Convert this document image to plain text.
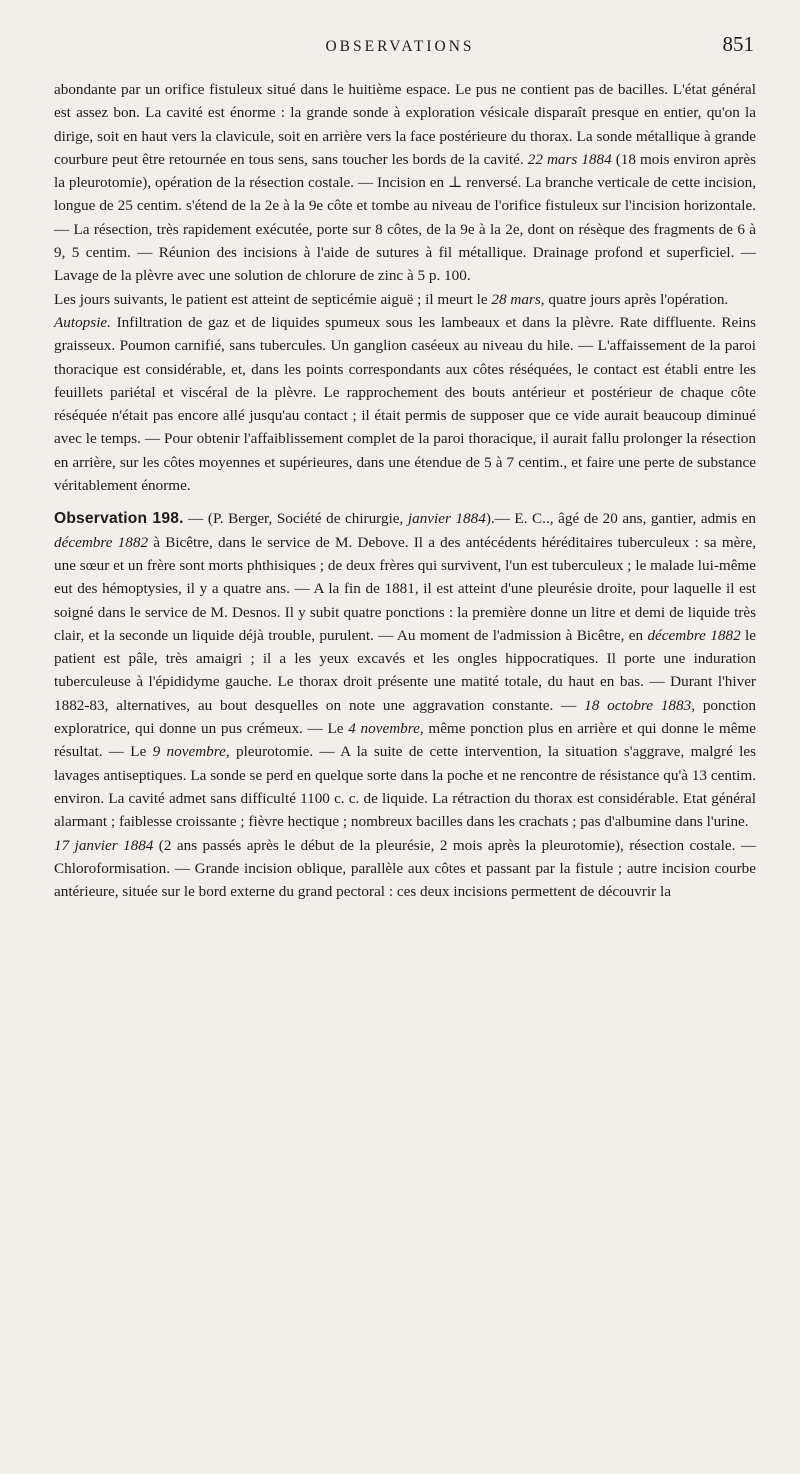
OBSERVATIONS	851

abondante par un orifice fistuleux situé dans le huitième espace. Le pus ne contient pas de bacilles. L'état général est assez bon. La cavité est énorme : la grande sonde à exploration vésicale disparaît presque en entier, qu'on la dirige, soit en haut vers la clavicule, soit en arrière vers la face postérieure du thorax. La sonde métallique à grande courbure peut être retournée en tous sens, sans toucher les bords de la cavité. 22 mars 1884 (18 mois environ après la pleurotomie), opération de la résection costale. — Incision en ⊥ renversé. La branche verticale de cette incision, longue de 25 centim. s'étend de la 2e à la 9e côte et tombe au niveau de l'orifice fistuleux sur l'incision horizontale. — La résection, très rapidement exécutée, porte sur 8 côtes, de la 9e à la 2e, dont on résèque des fragments de 6 à 9, 5 centim. — Réunion des incisions à l'aide de sutures à fil métallique. Drainage profond et superficiel. — Lavage de la plèvre avec une solution de chlorure de zinc à 5 p. 100.

Les jours suivants, le patient est atteint de septicémie aiguë ; il meurt le 28 mars, quatre jours après l'opération.

Autopsie. Infiltration de gaz et de liquides spumeux sous les lambeaux et dans la plèvre. Rate diffluente. Reins graisseux. Poumon carnifié, sans tubercules. Un ganglion caséeux au niveau du hile. — L'affaissement de la paroi thoracique est considérable, et, dans les points correspondants aux côtes réséquées, le contact est établi entre les feuillets pariétal et viscéral de la plèvre. Le rapprochement des bouts antérieur et postérieur de chaque côte réséquée n'était pas encore allé jusqu'au contact ; il était permis de supposer que ce vide aurait beaucoup diminué avec le temps. — Pour obtenir l'affaiblissement complet de la paroi thoracique, il aurait fallu prolonger la résection en arrière, sur les côtes moyennes et supérieures, dans une étendue de 5 à 7 centim., et faire une perte de substance véritablement énorme.

Observation 198. — (P. Berger, Société de chirurgie, janvier 1884).— E. C.., âgé de 20 ans, gantier, admis en décembre 1882 à Bicêtre, dans le service de M. Debove. Il a des antécédents héréditaires tuberculeux : sa mère, une sœur et un frère sont morts phthisiques ; de deux frères qui survivent, l'un est tuberculeux ; le malade lui-même eut des hémoptysies, il y a quatre ans. — A la fin de 1881, il est atteint d'une pleurésie droite, pour laquelle il est soigné dans le service de M. Desnos. Il y subit quatre ponctions : la première donne un litre et demi de liquide très clair, et la seconde un liquide déjà trouble, purulent. — Au moment de l'admission à Bicêtre, en décembre 1882 le patient est pâle, très amaigri ; il a les yeux excavés et les ongles hippocratiques. Il porte une induration tuberculeuse à l'épididyme gauche. Le thorax droit présente une matité totale, du haut en bas. — Durant l'hiver 1882-83, alternatives, au bout desquelles on note une aggravation constante. — 18 octobre 1883, ponction exploratrice, qui donne un pus crémeux. — Le 4 novembre, même ponction plus en arrière et qui donne le même résultat. — Le 9 novembre, pleurotomie. — A la suite de cette intervention, la situation s'aggrave, malgré les lavages antiseptiques. La sonde se perd en quelque sorte dans la poche et ne rencontre de résistance qu'à 13 centim. environ. La cavité admet sans difficulté 1100 c. c. de liquide. La rétraction du thorax est considérable. Etat général alarmant ; faiblesse croissante ; fièvre hectique ; nombreux bacilles dans les crachats ; pas d'albumine dans l'urine.

17 janvier 1884 (2 ans passés après le début de la pleurésie, 2 mois après la pleurotomie), résection costale. — Chloroformisation. — Grande incision oblique, parallèle aux côtes et passant par la fistule ; autre incision courbe antérieure, située sur le bord externe du grand pectoral : ces deux incisions permettent de découvrir la
